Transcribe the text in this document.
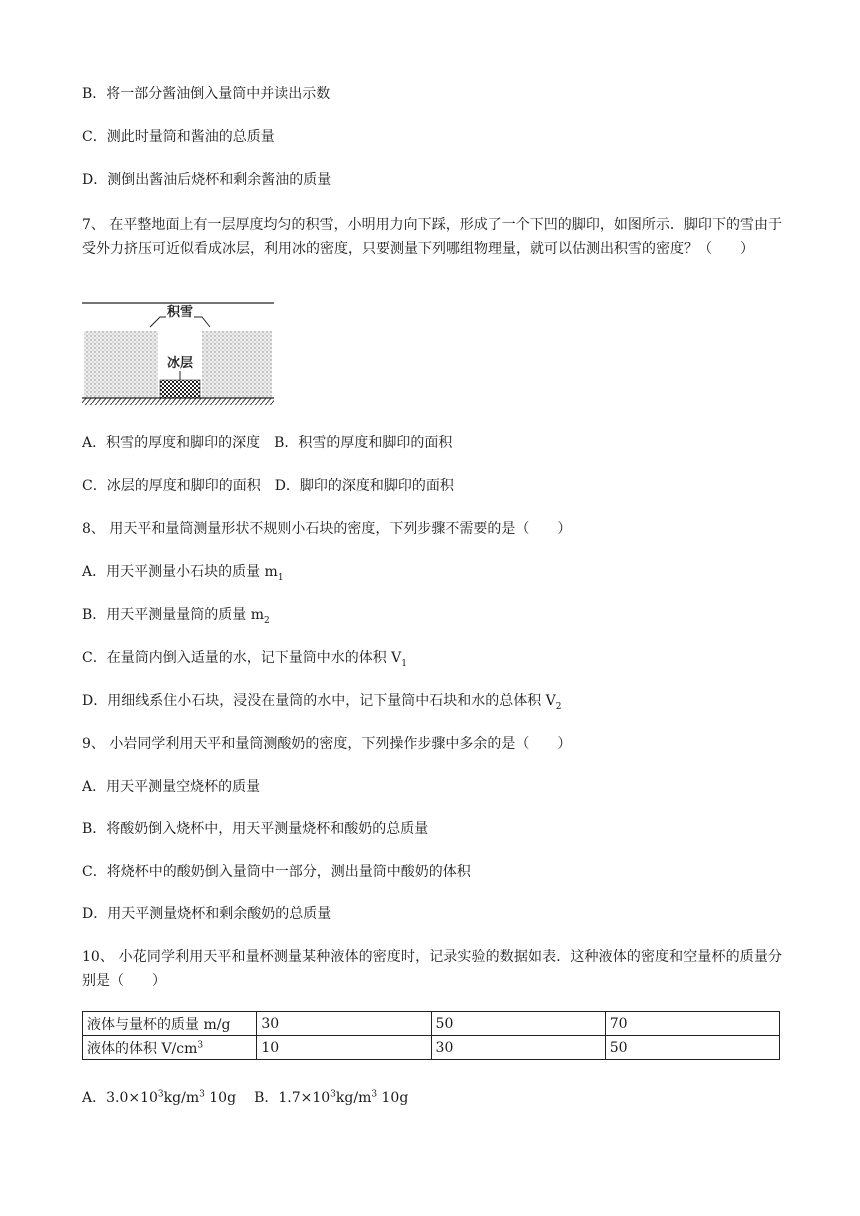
B．将一部分酱油倒入量筒中并读出示数
C．测此时量筒和酱油的总质量
D．测倒出酱油后烧杯和剩余酱油的质量
7、 在平整地面上有一层厚度均匀的积雪，小明用力向下踩，形成了一个下凹的脚印，如图所示．脚印下的雪由于受外力挤压可近似看成冰层，利用冰的密度，只要测量下列哪组物理量，就可以估测出积雪的密度？（　　）
积雪
冰层
A．积雪的厚度和脚印的深度　B．积雪的厚度和脚印的面积
C．冰层的厚度和脚印的面积　D．脚印的深度和脚印的面积
8、 用天平和量筒测量形状不规则小石块的密度，下列步骤不需要的是（　　）
A．用天平测量小石块的质量 $m_1$
B．用天平测量量筒的质量 $m_2$
C．在量筒内倒入适量的水，记下量筒中水的体积 $V_1$
D．用细线系住小石块，浸没在量筒的水中，记下量筒中石块和水的总体积 $V_2$
9、 小岩同学利用天平和量筒测酸奶的密度，下列操作步骤中多余的是（　　）
A．用天平测量空烧杯的质量
B．将酸奶倒入烧杯中，用天平测量烧杯和酸奶的总质量
C．将烧杯中的酸奶倒入量筒中一部分，测出量筒中酸奶的体积
D．用天平测量烧杯和剩余酸奶的总质量
10、 小花同学利用天平和量杯测量某种液体的密度时，记录实验的数据如表．这种液体的密度和空量杯的质量分别是（　　）
液体与量杯的质量 m/g	30	50	70
液体的体积 $V/cm^3$	10	30	50
A．$3.0\times 10^3kg/m^3$ 10g B．$1.7\times 10^3kg/m^3$ 10g
